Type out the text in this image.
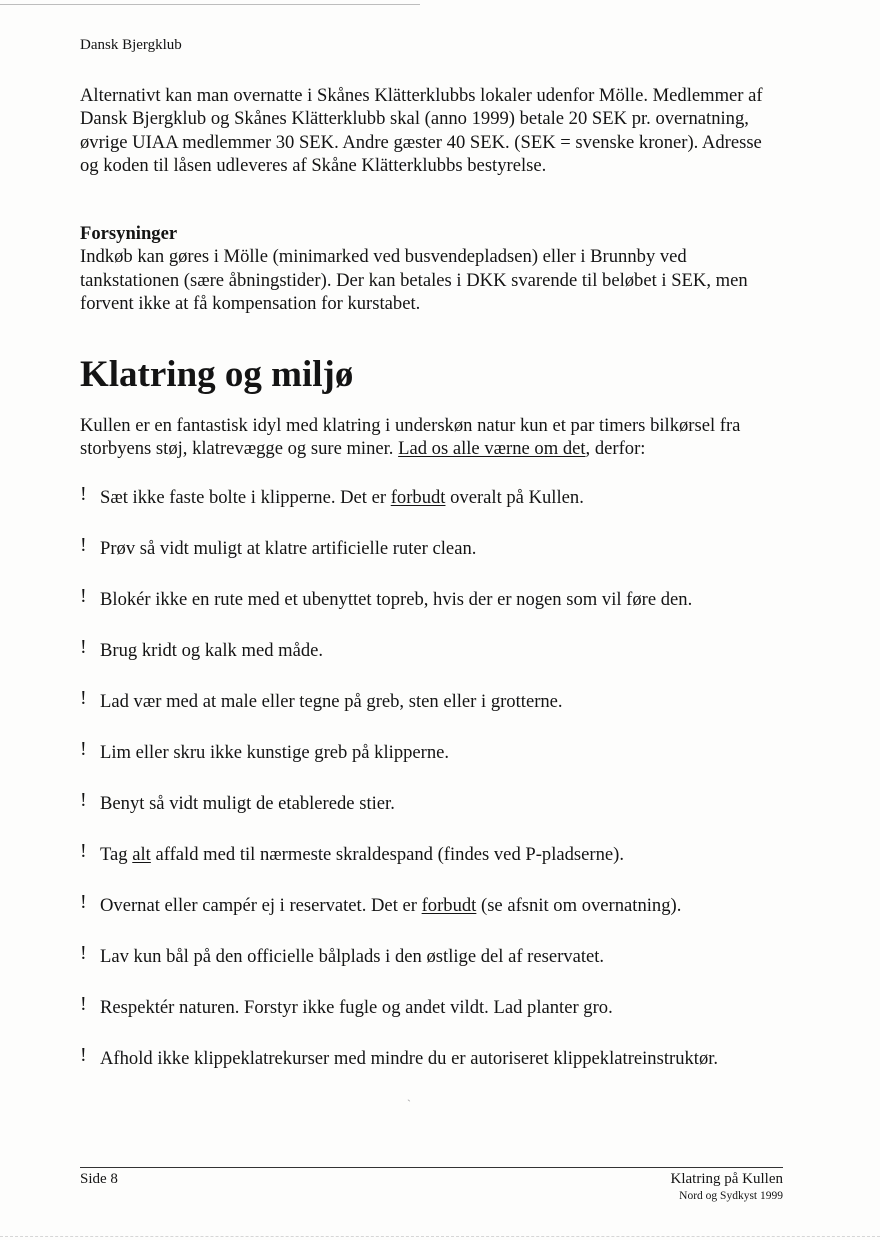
Dansk Bjergklub

Alternativt kan man overnatte i Skånes Klätterklubbs lokaler udenfor Mölle. Medlemmer af Dansk Bjergklub og Skånes Klätterklubb skal (anno 1999) betale 20 SEK pr. overnatning, øvrige UIAA medlemmer 30 SEK. Andre gæster 40 SEK. (SEK = svenske kroner). Adresse og koden til låsen udleveres af Skåne Klätterklubbs bestyrelse.

Forsyninger
Indkøb kan gøres i Mölle (minimarked ved busvendepladsen) eller i Brunnby ved tankstationen (sære åbningstider). Der kan betales i DKK svarende til beløbet i SEK, men forvent ikke at få kompensation for kurstabet.
Klatring og miljø

Kullen er en fantastisk idyl med klatring i underskøn natur kun et par timers bilkørsel fra storbyens støj, klatrevægge og sure miner. Lad os alle værne om det, derfor:

! Sæt ikke faste bolte i klipperne. Det er forbudt overalt på Kullen.
! Prøv så vidt muligt at klatre artificielle ruter clean.
! Blokér ikke en rute med et ubenyttet topreb, hvis der er nogen som vil føre den.
! Brug kridt og kalk med måde.
! Lad vær med at male eller tegne på greb, sten eller i grotterne.
! Lim eller skru ikke kunstige greb på klipperne.
! Benyt så vidt muligt de etablerede stier.
! Tag alt affald med til nærmeste skraldespand (findes ved P-pladserne).
! Overnat eller campér ej i reservatet. Det er forbudt (se afsnit om overnatning).
! Lav kun bål på den officielle bålplads i den østlige del af reservatet.
! Respektér naturen. Forstyr ikke fugle og andet vildt. Lad planter gro.
! Afhold ikke klippeklatrekurser med mindre du er autoriseret klippeklatreinstruktør.
ˎ
Side 8	Klatring på Kullen
Nord og Sydkyst 1999
